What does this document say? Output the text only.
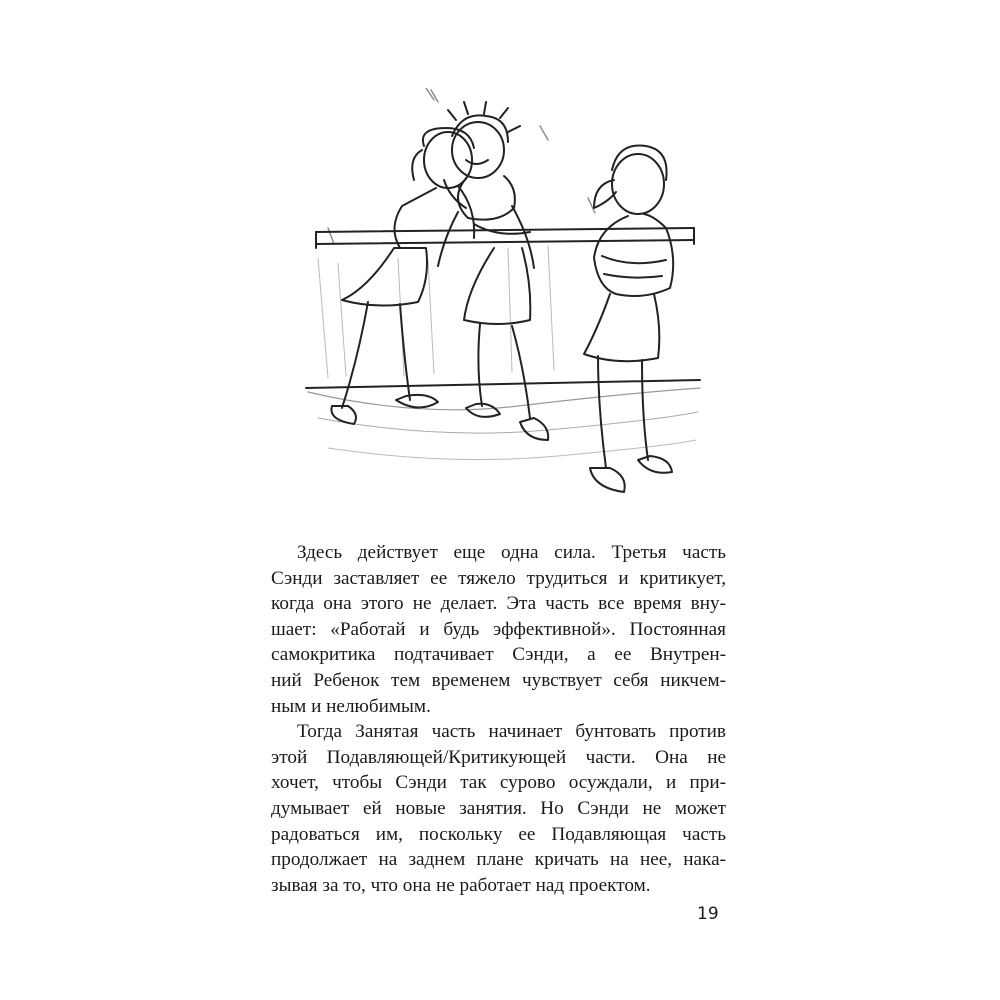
Здесь действует еще одна сила. Третья часть
Сэнди заставляет ее тяжело трудиться и критикует,
когда она этого не делает. Эта часть все время вну-
шает: «Работай и будь эффективной». Постоянная
самокритика подтачивает Сэнди, а ее Внутрен-
ний Ребенок тем временем чувствует себя никчем-
ным и нелюбимым.
Тогда Занятая часть начинает бунтовать против
этой Подавляющей/Критикующей части. Она не
хочет, чтобы Сэнди так сурово осуждали, и при-
думывает ей новые занятия. Но Сэнди не может
радоваться им, поскольку ее Подавляющая часть
продолжает на заднем плане кричать на нее, нака-
зывая за то, что она не работает над проектом.
19
